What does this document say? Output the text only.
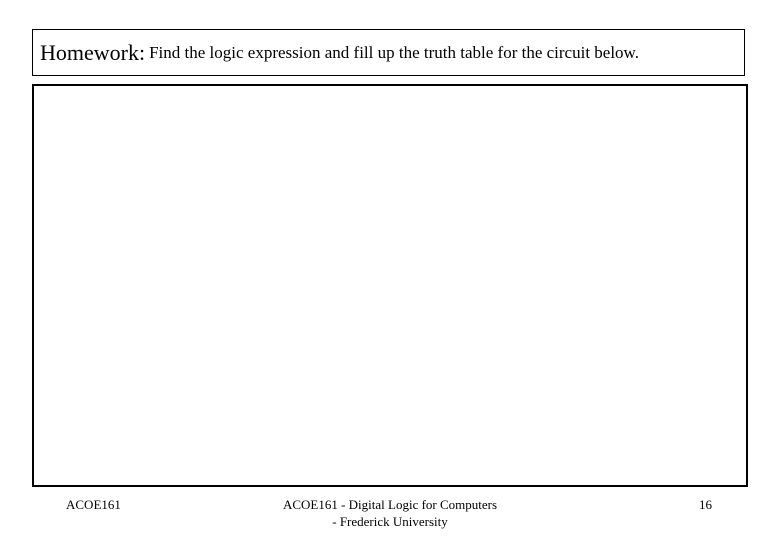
Homework: Find the logic expression and fill up the truth table for the circuit below.
ACOE161	ACOE161 - Digital Logic for Computers
- Frederick University
16
